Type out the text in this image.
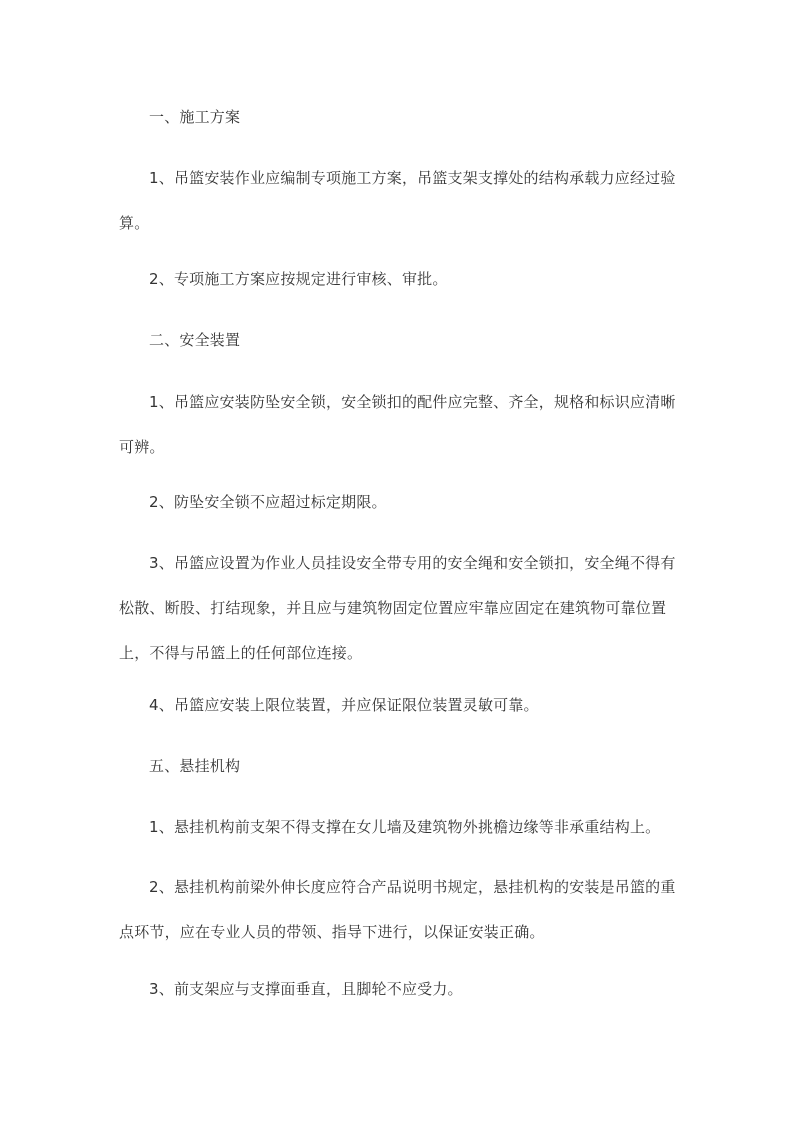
一、施工方案

1、吊篮安装作业应编制专项施工方案，吊篮支架支撑处的结构承载力应经过验算。

2、专项施工方案应按规定进行审核、审批。

二、安全装置

1、吊篮应安装防坠安全锁，安全锁扣的配件应完整、齐全，规格和标识应清晰可辨。

2、防坠安全锁不应超过标定期限。

3、吊篮应设置为作业人员挂设安全带专用的安全绳和安全锁扣，安全绳不得有松散、断股、打结现象，并且应与建筑物固定位置应牢靠应固定在建筑物可靠位置上，不得与吊篮上的任何部位连接。

4、吊篮应安装上限位装置，并应保证限位装置灵敏可靠。

五、悬挂机构

1、悬挂机构前支架不得支撑在女儿墙及建筑物外挑檐边缘等非承重结构上。

2、悬挂机构前梁外伸长度应符合产品说明书规定，悬挂机构的安装是吊篮的重点环节，应在专业人员的带领、指导下进行，以保证安装正确。

3、前支架应与支撑面垂直，且脚轮不应受力。
